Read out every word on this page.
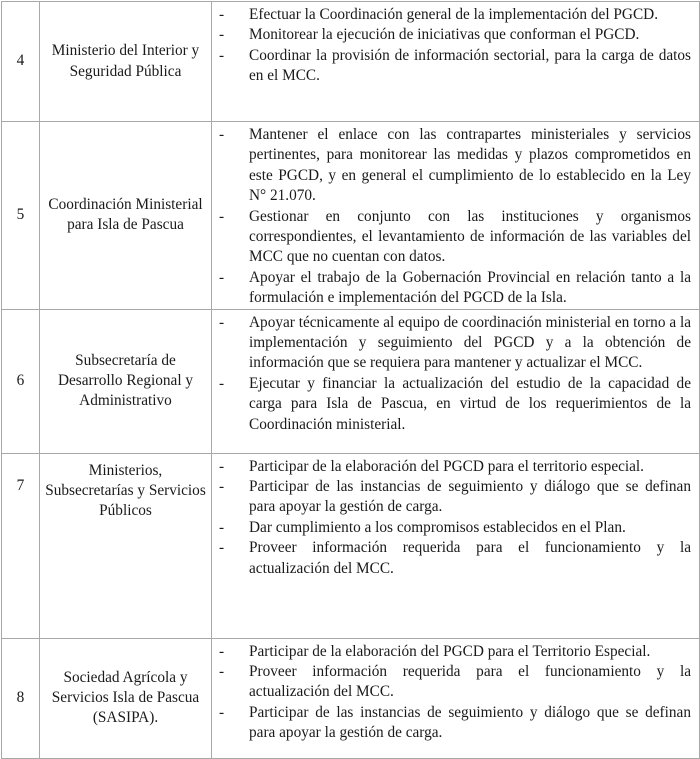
4	Ministerio del Interior y Seguridad Pública	
- Efectuar la Coordinación general de la implementación del PGCD.
- Monitorear la ejecución de iniciativas que conforman el PGCD.
- Coordinar la provisión de información sectorial, para la carga de datos en el MCC.

5	Coordinación Ministerial para Isla de Pascua	
- Mantener el enlace con las contrapartes ministeriales y servicios pertinentes, para monitorear las medidas y plazos comprometidos en este PGCD, y en general el cumplimiento de lo establecido en la Ley N° 21.070.
- Gestionar en conjunto con las instituciones y organismos correspondientes, el levantamiento de información de las variables del MCC que no cuentan con datos.
- Apoyar el trabajo de la Gobernación Provincial en relación tanto a la formulación e implementación del PGCD de la Isla.

6	Subsecretaría de Desarrollo Regional y Administrativo	- Apoyar técnicamente al equipo de coordinación ministerial en torno a la implementación y seguimiento del PGCD y a la obtención de información que se requiera para mantener y actualizar el MCC.
- Ejecutar y financiar la actualización del estudio de la capacidad de carga para Isla de Pascua, en virtud de los requerimientos de la Coordinación ministerial.

7	Ministerios, Subsecretarías y Servicios Públicos	
- Participar de la elaboración del PGCD para el territorio especial.
- Participar de las instancias de seguimiento y diálogo que se definan para apoyar la gestión de carga.
- Dar cumplimiento a los compromisos establecidos en el Plan.
- Proveer información requerida para el funcionamiento y la actualización del MCC.

8	Sociedad Agrícola y Servicios Isla de Pascua (SASIPA).	
- Participar de la elaboración del PGCD para el Territorio Especial.
- Proveer información requerida para el funcionamiento y la actualización del MCC.
- Participar de las instancias de seguimiento y diálogo que se definan para apoyar la gestión de carga.
